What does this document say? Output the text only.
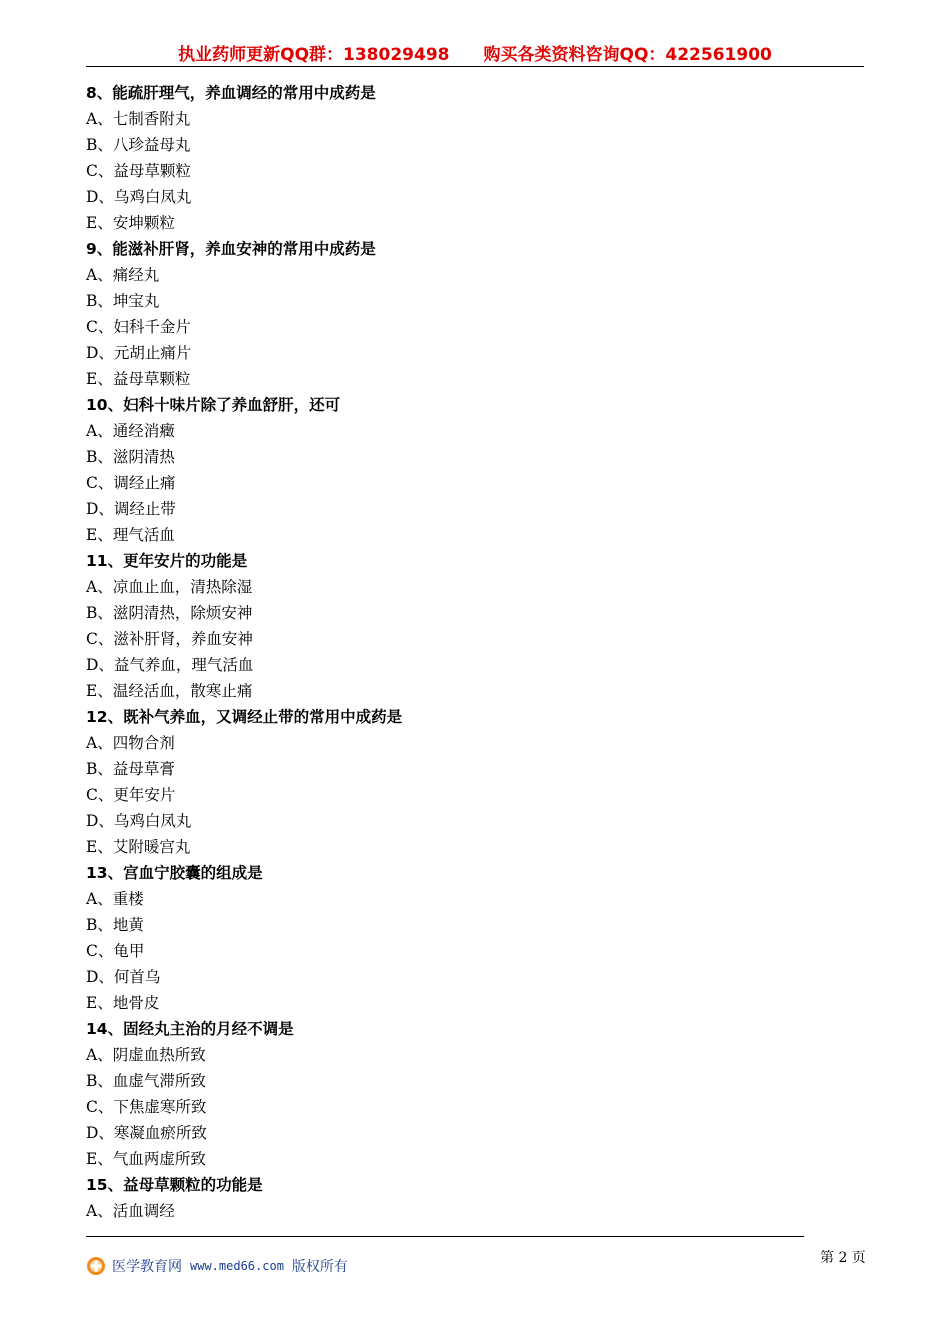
执业药师更新QQ群：138029498 购买各类资料咨询QQ：422561900
8、能疏肝理气，养血调经的常用中成药是
A、七制香附丸
B、八珍益母丸
C、益母草颗粒
D、乌鸡白凤丸
E、安坤颗粒
9、能滋补肝肾，养血安神的常用中成药是
A、痛经丸
B、坤宝丸
C、妇科千金片
D、元胡止痛片
E、益母草颗粒
10、妇科十味片除了养血舒肝，还可
A、通经消癥
B、滋阴清热
C、调经止痛
D、调经止带
E、理气活血
11、更年安片的功能是
A、凉血止血，清热除湿
B、滋阴清热，除烦安神
C、滋补肝肾，养血安神
D、益气养血，理气活血
E、温经活血，散寒止痛
12、既补气养血，又调经止带的常用中成药是
A、四物合剂
B、益母草膏
C、更年安片
D、乌鸡白凤丸
E、艾附暖宫丸
13、宫血宁胶囊的组成是
A、重楼
B、地黄
C、龟甲
D、何首乌
E、地骨皮
14、固经丸主治的月经不调是
A、阴虚血热所致
B、血虚气滞所致
C、下焦虚寒所致
D、寒凝血瘀所致
E、气血两虚所致
15、益母草颗粒的功能是
A、活血调经
第 2 页
医学教育网 www.med66.com 版权所有
